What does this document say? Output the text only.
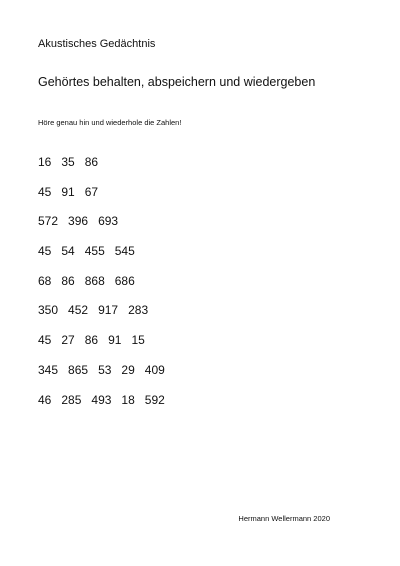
Akustisches Gedächtnis
Gehörtes behalten, abspeichern und wiedergeben
Höre genau hin und wiederhole die Zahlen!
16 35 86
45 91 67
572 396 693
45 54 455 545
68 86 868 686
350 452 917 283
45 27 86 91 15
345 865 53 29 409
46 285 493 18 592
Hermann Wellermann 2020
